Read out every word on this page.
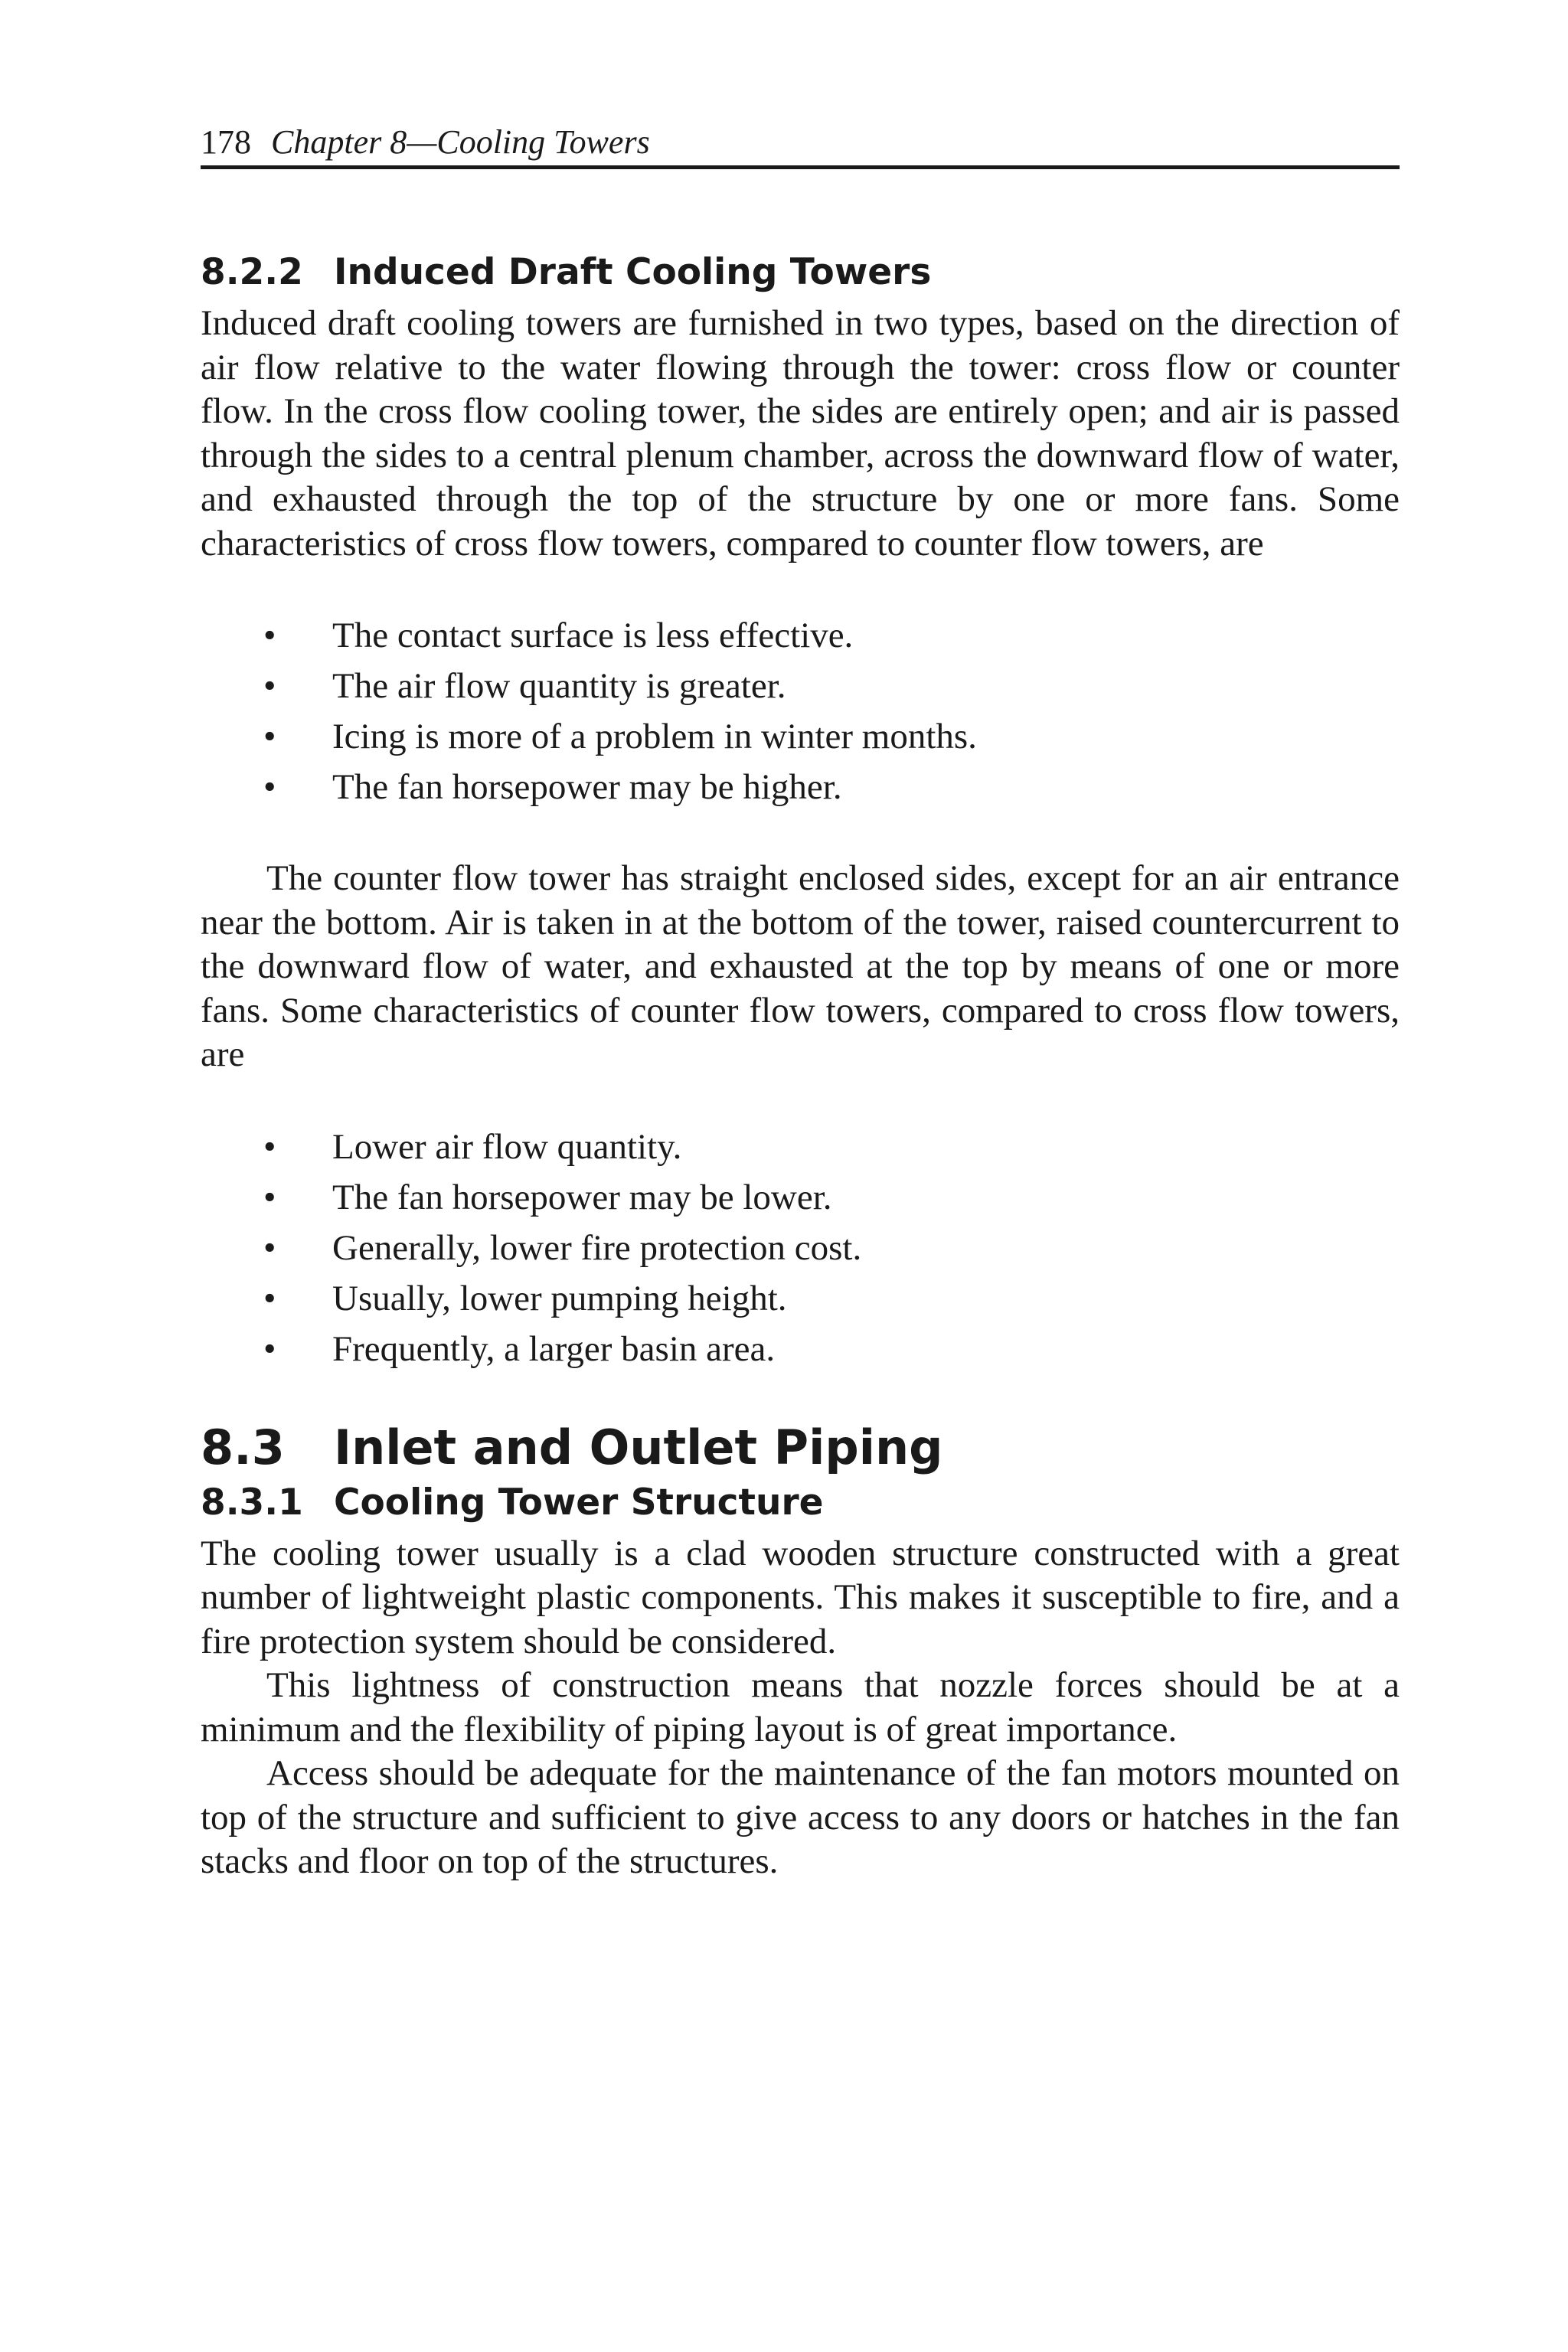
178 Chapter 8—Cooling Towers
8.2.2 Induced Draft Cooling Towers

Induced draft cooling towers are furnished in two types, based on the direction of air flow relative to the water flowing through the tower: cross flow or counter flow. In the cross flow cooling tower, the sides are entirely open; and air is passed through the sides to a central plenum chamber, across the downward flow of water, and exhausted through the top of the structure by one or more fans. Some characteristics of cross flow towers, compared to counter flow towers, are

• The contact surface is less effective.
• The air flow quantity is greater.
• Icing is more of a problem in winter months.
• The fan horsepower may be higher.

The counter flow tower has straight enclosed sides, except for an air entrance near the bottom. Air is taken in at the bottom of the tower, raised countercurrent to the downward flow of water, and exhausted at the top by means of one or more fans. Some characteristics of counter flow towers, compared to cross flow towers, are

• Lower air flow quantity.
• The fan horsepower may be lower.
• Generally, lower fire protection cost.
• Usually, lower pumping height.
• Frequently, a larger basin area.
8.3	Inlet and Outlet Piping
8.3.1 Cooling Tower Structure

The cooling tower usually is a clad wooden structure constructed with a great number of lightweight plastic components. This makes it susceptible to fire, and a fire protection system should be considered.

This lightness of construction means that nozzle forces should be at a minimum and the flexibility of piping layout is of great importance.

Access should be adequate for the maintenance of the fan motors mounted on top of the structure and sufficient to give access to any doors or hatches in the fan stacks and floor on top of the structures.
